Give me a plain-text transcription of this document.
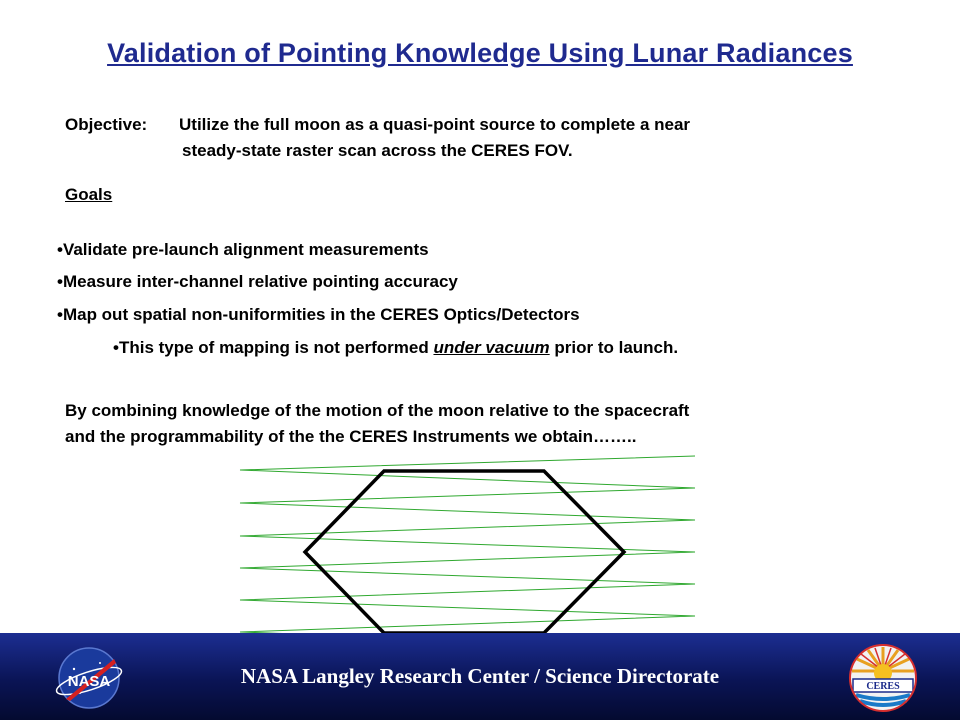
Validation of Pointing Knowledge Using Lunar Radiances
Objective: Utilize the full moon as a quasi-point source to complete a near
steady-state raster scan across the CERES FOV.
Goals
•Validate pre-launch alignment measurements
•Measure inter-channel relative pointing accuracy
•Map out spatial non-uniformities in the CERES Optics/Detectors
•This type of mapping is not performed under vacuum prior to launch.
By combining knowledge of the motion of the moon relative to the spacecraft
and the programmability of the the CERES Instruments we obtain……..
NASA	NASA Langley Research Center / Science Directorate	CERES
